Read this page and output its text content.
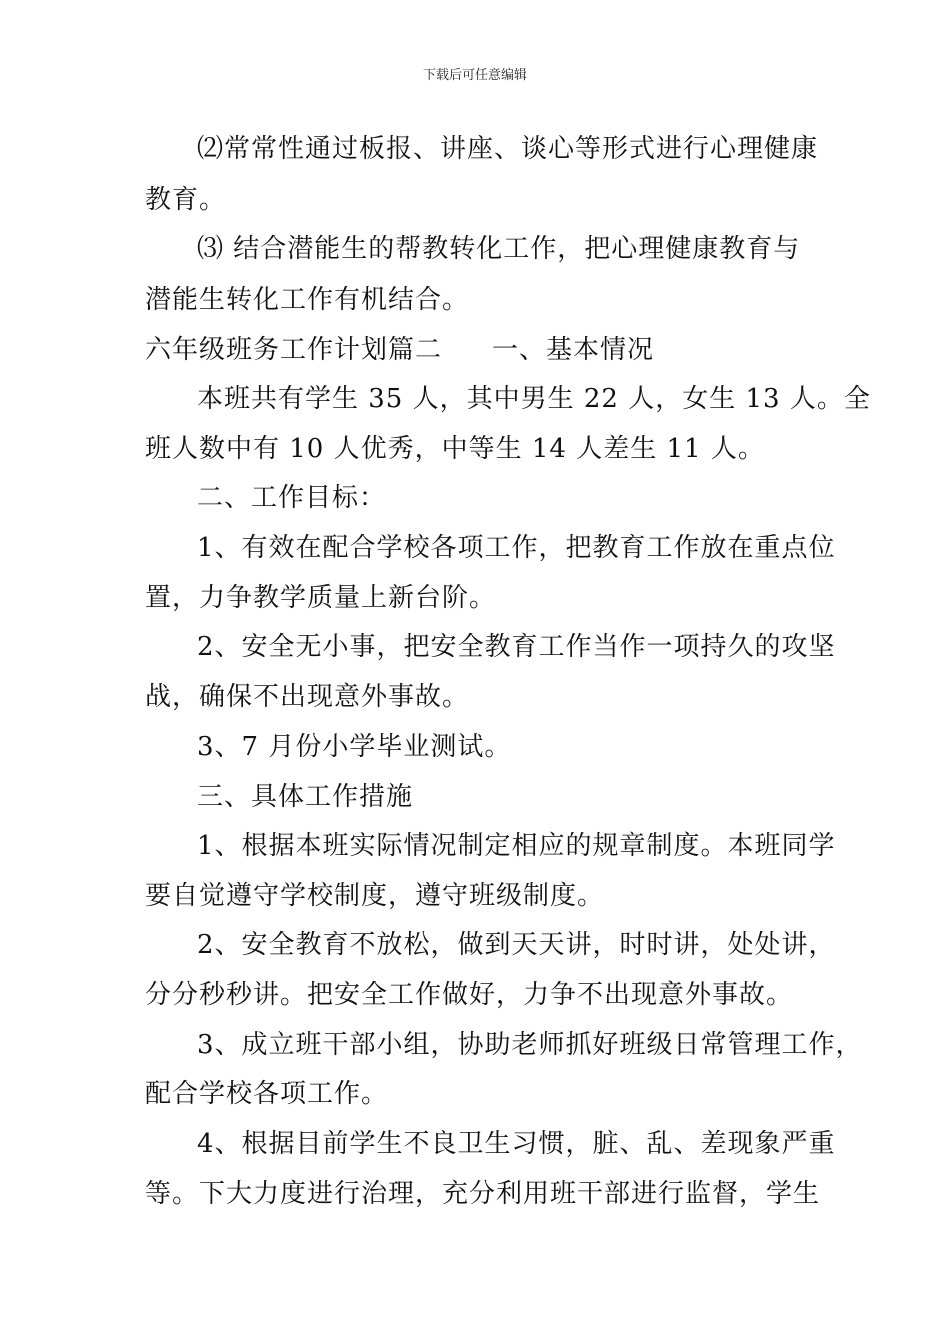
下载后可任意编辑
⑵常常性通过板报、讲座、谈心等形式进行心理健康
教育。
⑶ 结合潜能生的帮教转化工作，把心理健康教育与
潜能生转化工作有机结合。
六年级班务工作计划篇二 一、基本情况
本班共有学生 35 人，其中男生 22 人，女生 13 人。全
班人数中有 10 人优秀，中等生 14 人差生 11 人。
二、工作目标：
1、有效在配合学校各项工作，把教育工作放在重点位
置，力争教学质量上新台阶。
2、安全无小事，把安全教育工作当作一项持久的攻坚
战，确保不出现意外事故。
3、7 月份小学毕业测试。
三、具体工作措施
1、根据本班实际情况制定相应的规章制度。本班同学
要自觉遵守学校制度，遵守班级制度。
2、安全教育不放松，做到天天讲，时时讲，处处讲，
分分秒秒讲。把安全工作做好，力争不出现意外事故。
3、成立班干部小组，协助老师抓好班级日常管理工作，
配合学校各项工作。
4、根据目前学生不良卫生习惯，脏、乱、差现象严重
等。下大力度进行治理，充分利用班干部进行监督，学生
